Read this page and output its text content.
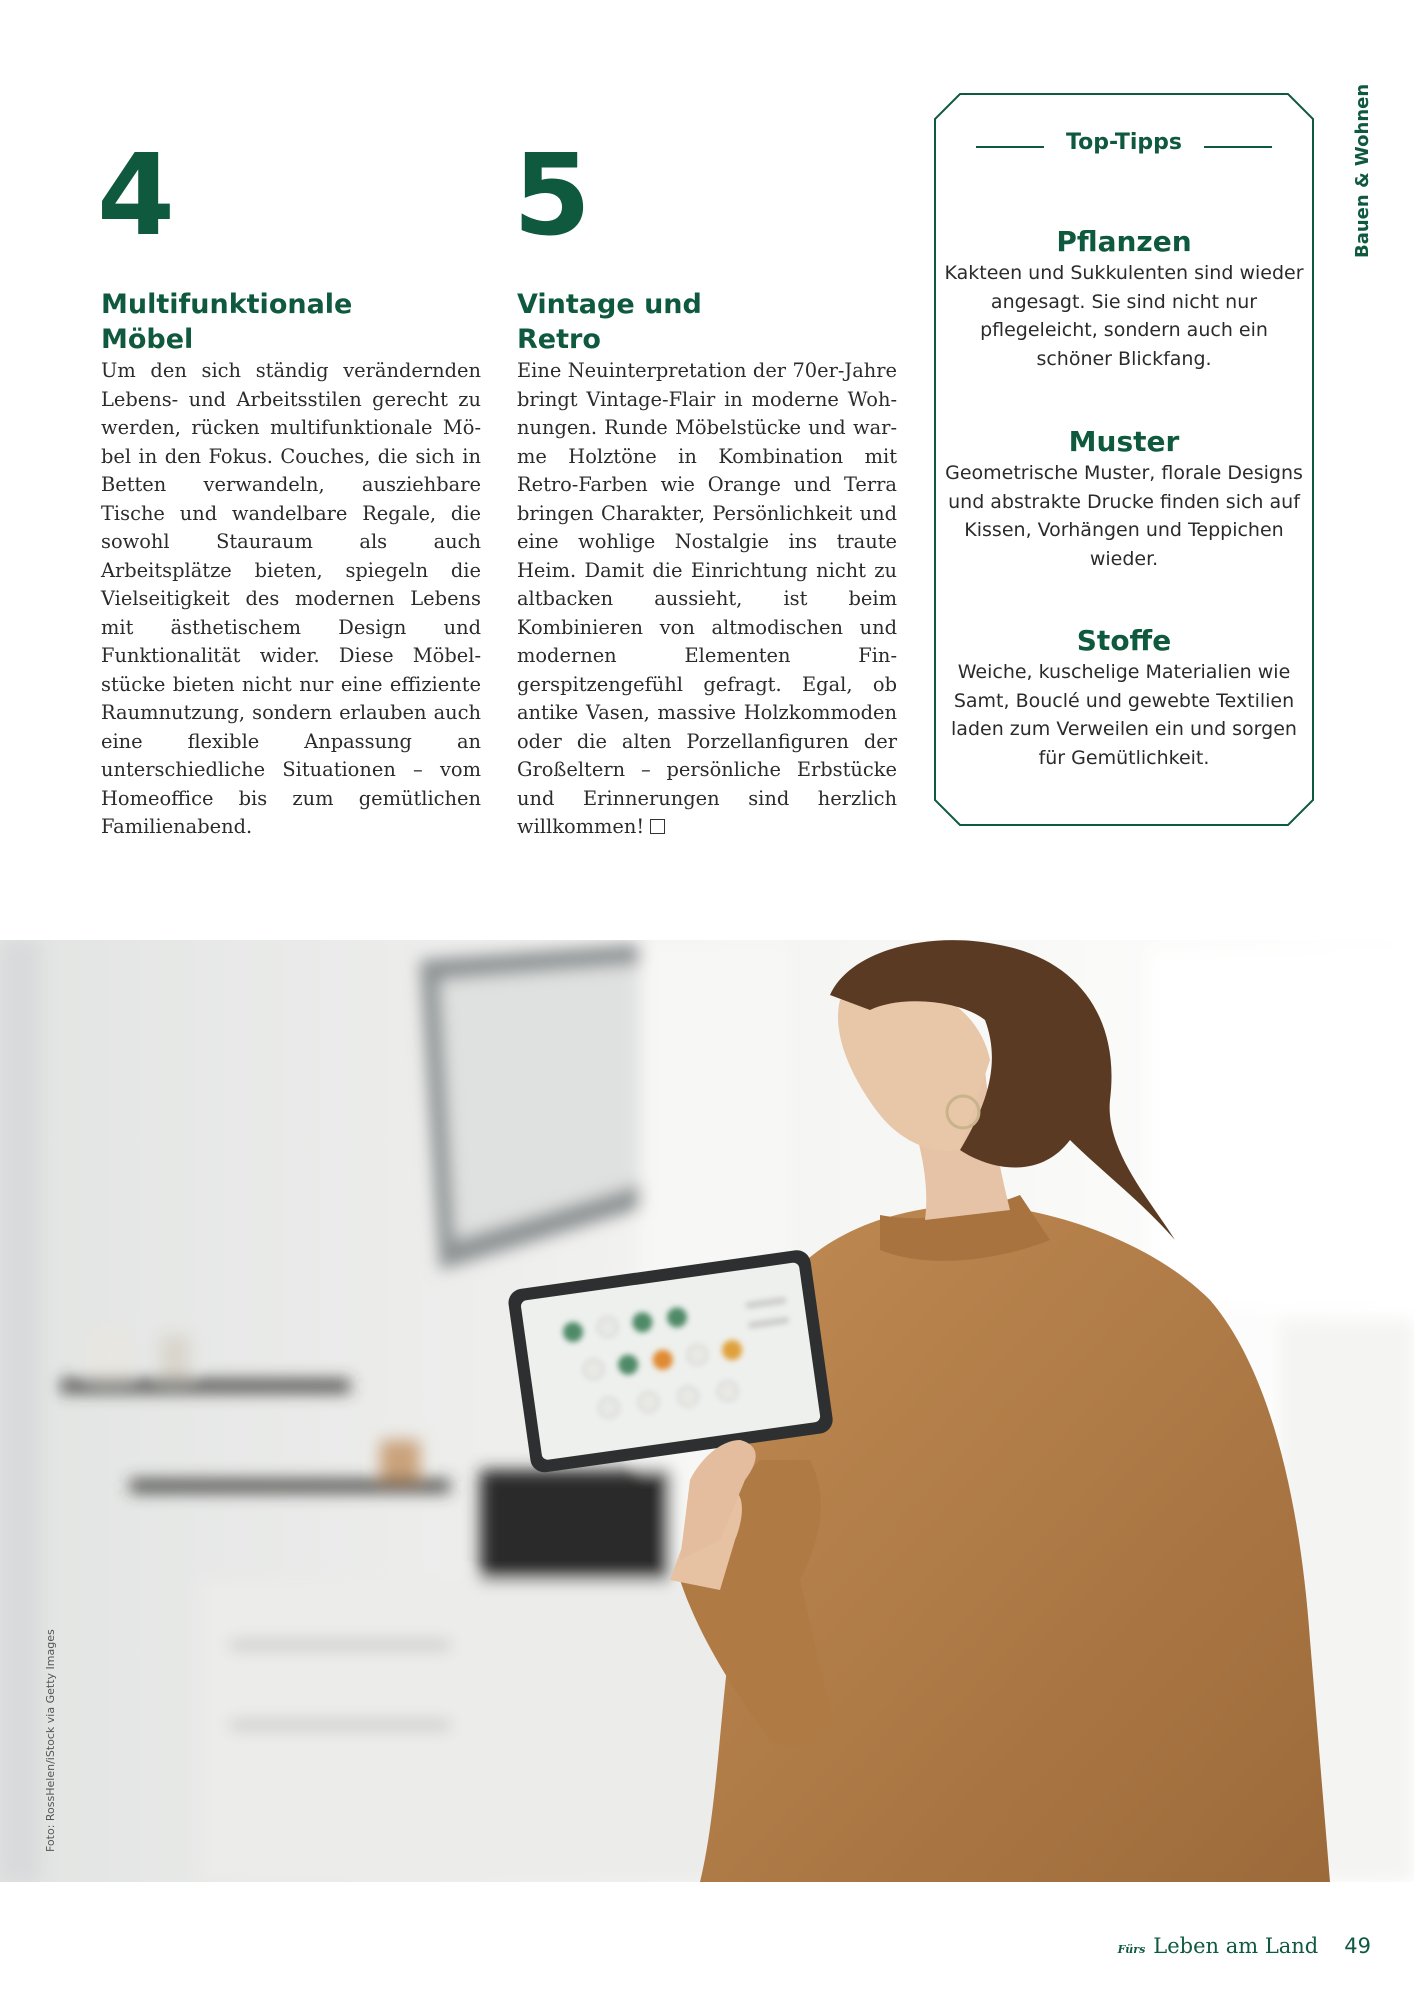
Bauen & Wohnen
4
Multifunktionale
Möbel

Um den sich ständig verändernden Lebens- und Arbeitsstilen gerecht zu werden, rücken multifunktionale Möbel in den Fokus. Couches, die sich in Betten verwandeln, ausziehbare Tische und wandelbare Regale, die sowohl Stauraum als auch Arbeitsplätze bieten, spiegeln die Vielseitigkeit des modernen Lebens mit ästhetischem Design und Funktionalität wider. Diese Möbelstücke bieten nicht nur eine effiziente Raumnutzung, sondern erlauben auch eine flexible Anpassung an unterschiedliche Situationen – vom Homeoffice bis zum gemütlichen Familienabend.

5
Vintage und
Retro

Eine Neuinterpretation der 70er-Jahre bringt Vintage-Flair in moderne Wohnungen. Runde Möbelstücke und warme Holztöne in Kombination mit Retro-Farben wie Orange und Terra bringen Charakter, Persönlichkeit und eine wohlige Nostalgie ins traute Heim. Damit die Einrichtung nicht zu altbacken aussieht, ist beim Kombinieren von altmodischen und modernen Elementen Fingerspitzengefühl gefragt. Egal, ob antike Vasen, massive Holzkommoden oder die alten Porzellanfiguren der Großeltern – persönliche Erbstücke und Erinnerungen sind herzlich willkommen!

Top-Tipps
Pflanzen
Kakteen und Sukkulenten sind wieder angesagt. Sie sind nicht nur pflegeleicht, sondern auch ein schöner Blickfang.
Muster
Geometrische Muster, florale Designs und abstrakte Drucke finden sich auf Kissen, Vorhängen und Teppichen wieder.
Stoffe
Weiche, kuschelige Materialien wie Samt, Bouclé und gewebte Textilien laden zum Verweilen ein und sorgen für Gemütlichkeit.
Foto: RossHelen/iStock via Getty Images
Fürs Leben am Land 49
